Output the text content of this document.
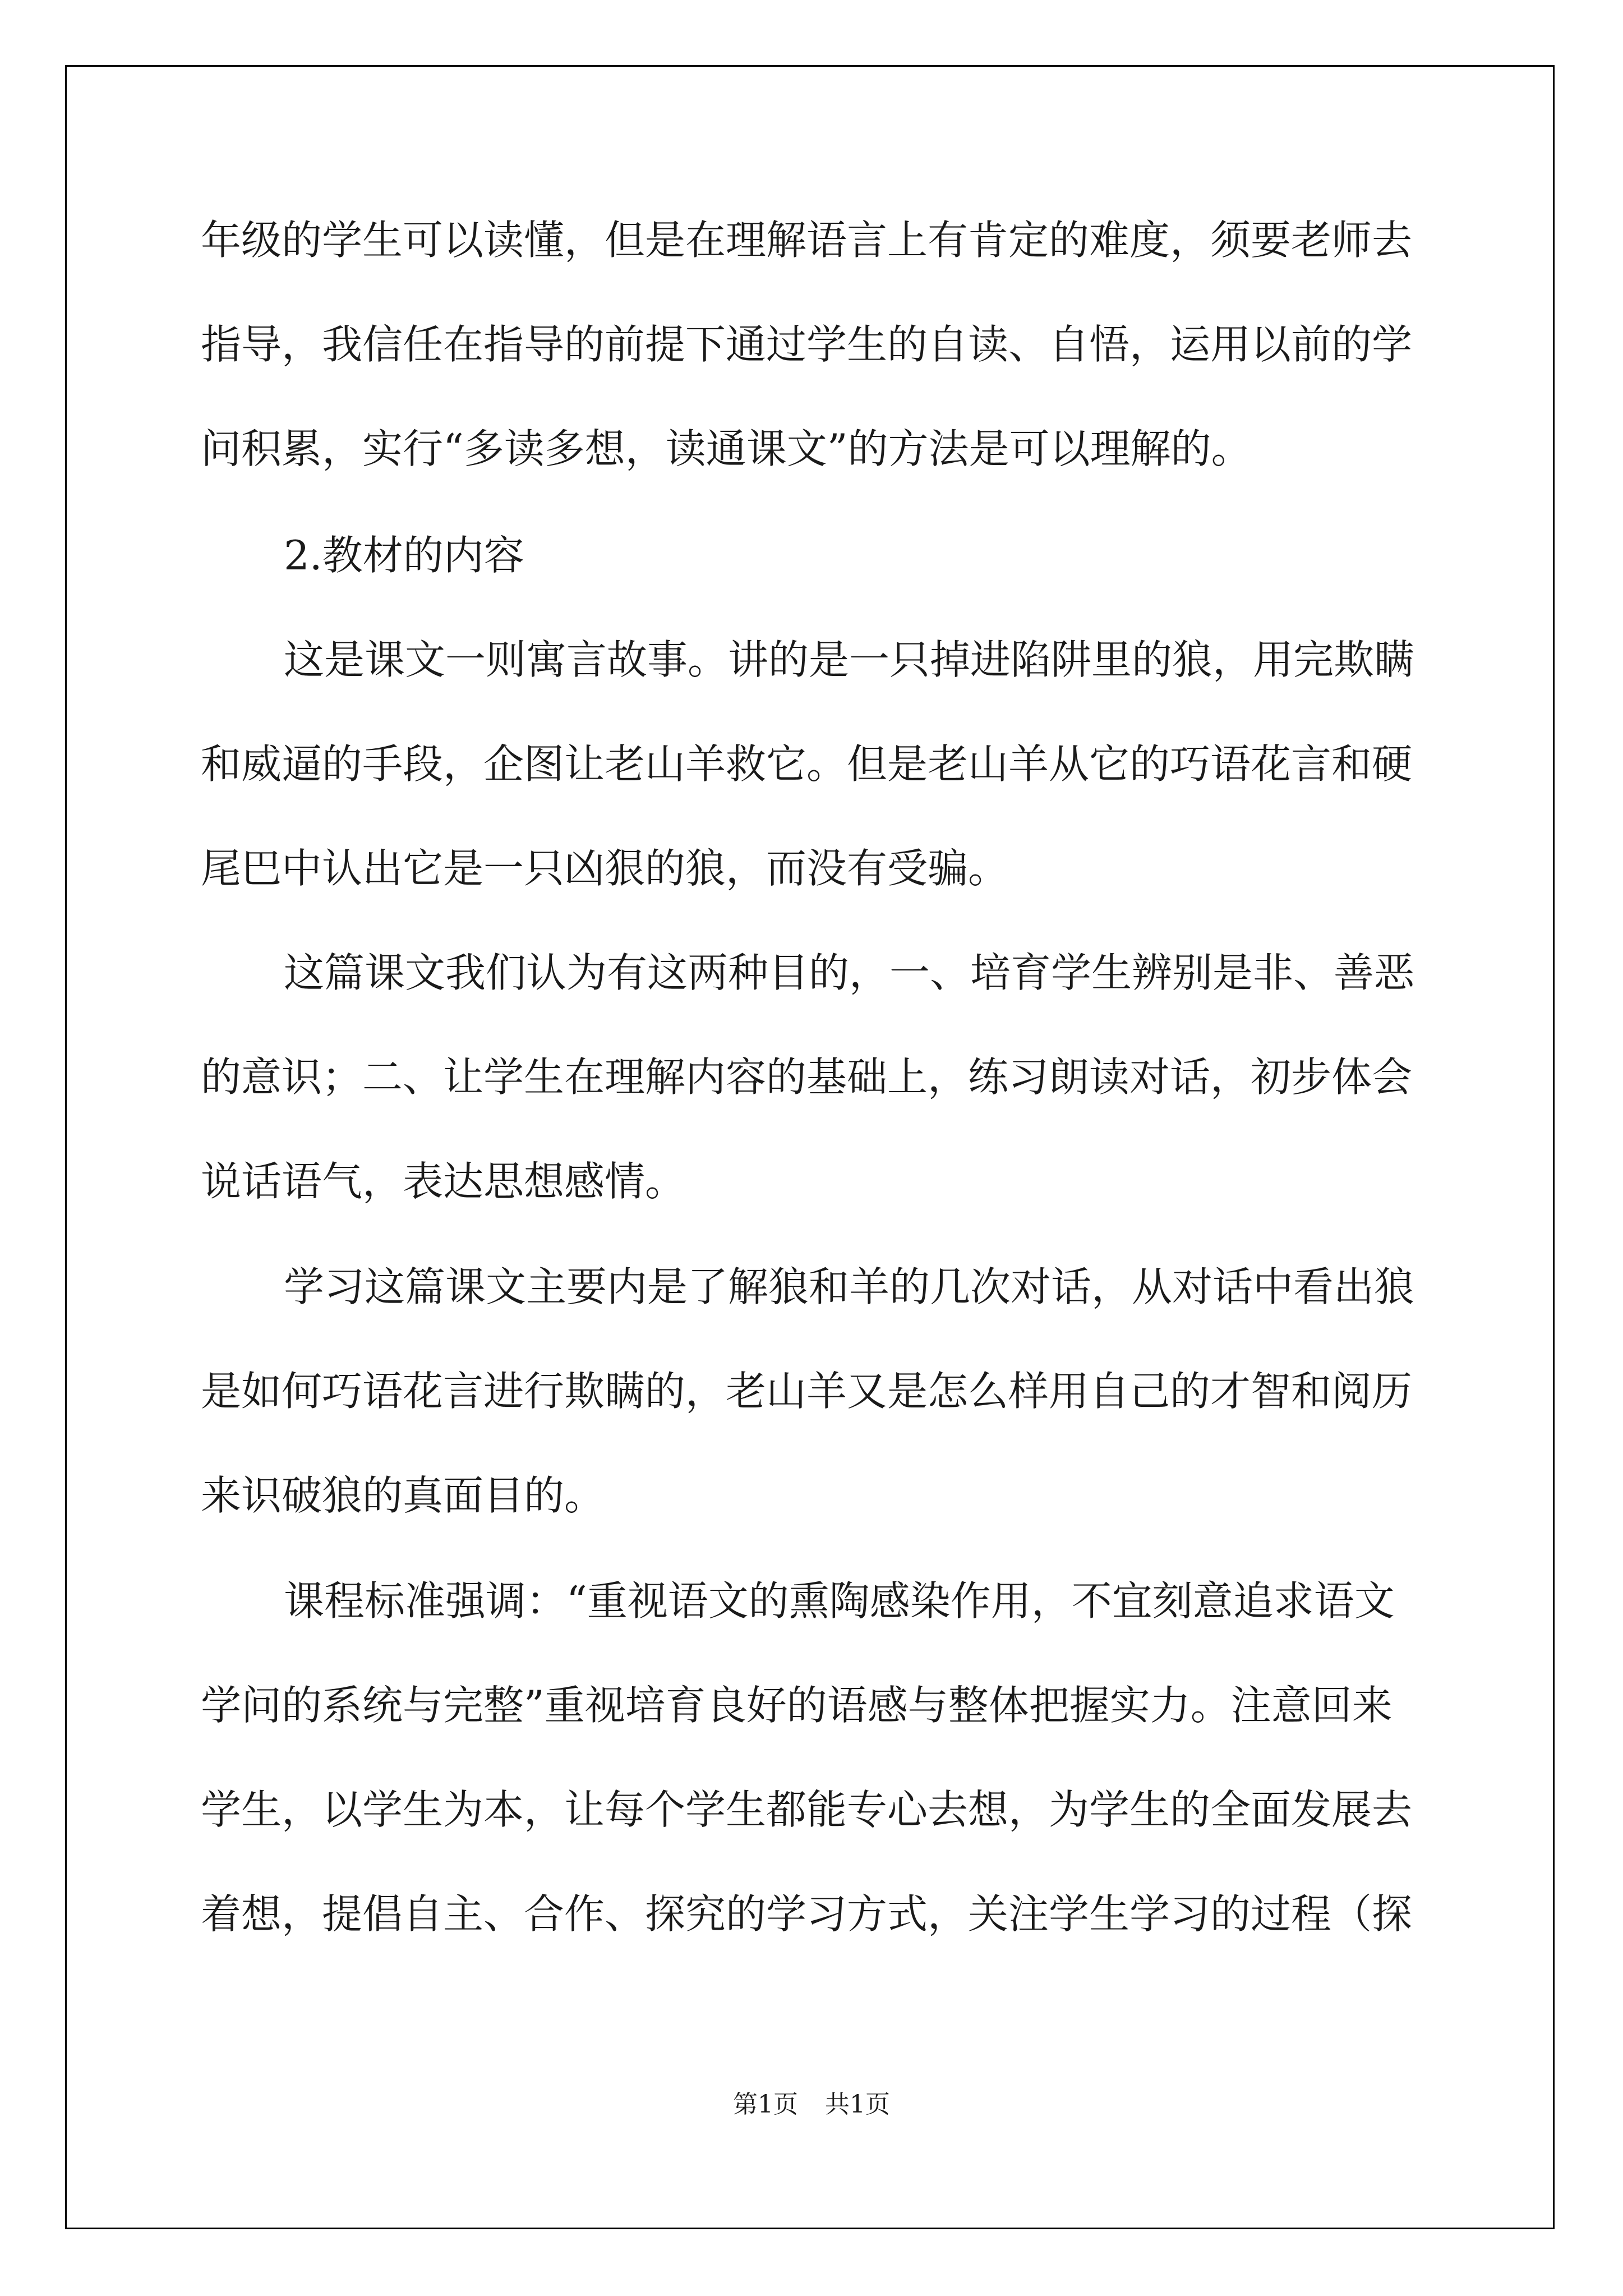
年级的学生可以读懂，但是在理解语言上有肯定的难度，须要老师去
指导，我信任在指导的前提下通过学生的自读、自悟，运用以前的学
问积累，实行“多读多想，读通课文”的方法是可以理解的。
2.教材的内容
这是课文一则寓言故事。讲的是一只掉进陷阱里的狼，用完欺瞒
和威逼的手段，企图让老山羊救它。但是老山羊从它的巧语花言和硬
尾巴中认出它是一只凶狠的狼，而没有受骗。
这篇课文我们认为有这两种目的，一、培育学生辨别是非、善恶
的意识；二、让学生在理解内容的基础上，练习朗读对话，初步体会
说话语气，表达思想感情。
学习这篇课文主要内是了解狼和羊的几次对话，从对话中看出狼
是如何巧语花言进行欺瞒的，老山羊又是怎么样用自己的才智和阅历
来识破狼的真面目的。
课程标准强调：“重视语文的熏陶感染作用，不宜刻意追求语文
学问的系统与完整”重视培育良好的语感与整体把握实力。注意回来
学生，以学生为本，让每个学生都能专心去想，为学生的全面发展去
着想，提倡自主、合作、探究的学习方式，关注学生学习的过程（探
第1页 共1页
